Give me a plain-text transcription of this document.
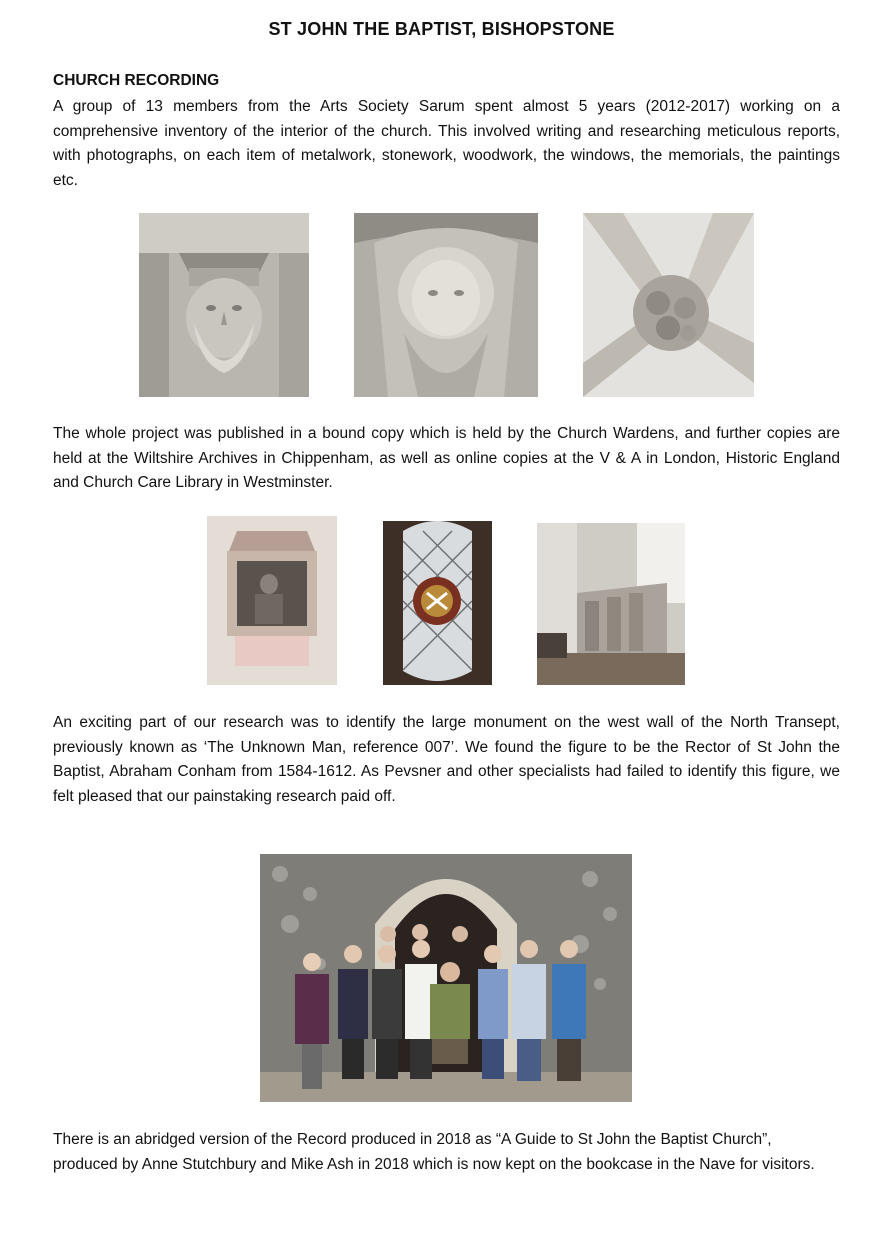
ST JOHN THE BAPTIST, BISHOPSTONE
CHURCH RECORDING

A group of 13 members from the Arts Society Sarum spent almost 5 years (2012-2017) working on a comprehensive inventory of the interior of the church. This involved writing and researching meticulous reports, with photographs, on each item of metalwork, stonework, woodwork, the windows, the memorials, the paintings etc.

The whole project was published in a bound copy which is held by the Church Wardens, and further copies are held at the Wiltshire Archives in Chippenham, as well as online copies at the V & A in London, Historic England and Church Care Library in Westminster.

An exciting part of our research was to identify the large monument on the west wall of the North Transept, previously known as ‘The Unknown Man, reference 007’. We found the figure to be the Rector of St John the Baptist, Abraham Conham from 1584-1612. As Pevsner and other specialists had failed to identify this figure, we felt pleased that our painstaking research paid off.

There is an abridged version of the Record produced in 2018 as “A Guide to St John the Baptist Church”, produced by Anne Stutchbury and Mike Ash in 2018 which is now kept on the bookcase in the Nave for visitors.
